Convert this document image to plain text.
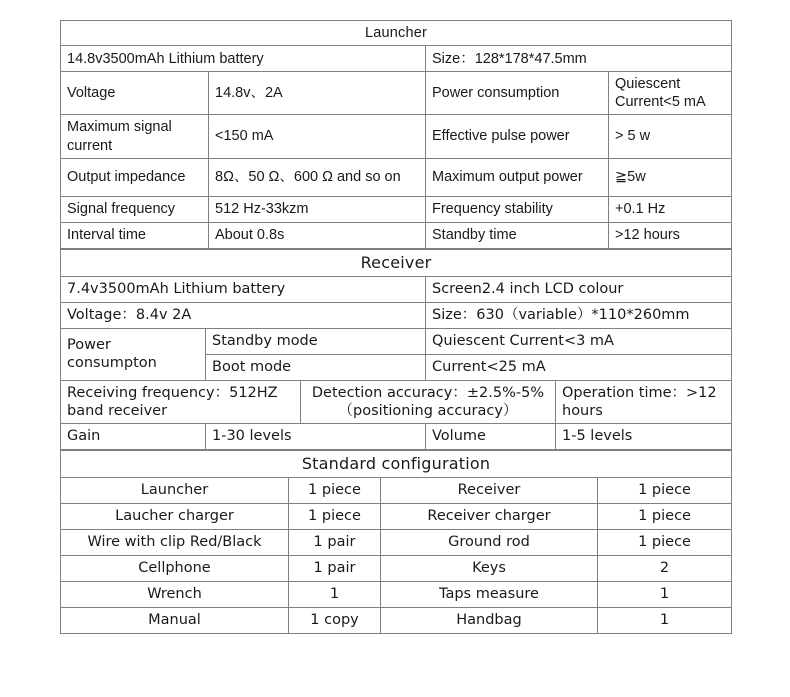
Launcher			
14.8v3500mAh Lithium battery		Size：128*178*47.5mm	
Voltage	14.8v、2A	Power consumption	Quiescent Current<5 mA
Maximum signal current	<150 mA	Effective pulse power	> 5 w
Output impedance	8Ω、50 Ω、600 Ω and so on	Maximum output power	≧5w
Signal frequency	512 Hz-33kzm	Frequency stability	+0.1 Hz
Interval time	About 0.8s	Standby time	>12 hours
Receiver				
7.4v3500mAh Lithium battery			Screen2.4 inch LCD colour	
Voltage：8.4v 2A			Size：630（variable）*110*260mm	
Power consumpton	Standby mode		Quiescent Current<3 mA	
	Boot mode		Current<25 mA	
Receiving frequency：512HZ band receiver		Detection accuracy：±2.5%-5%（positioning accuracy）		Operation time：>12 hours
Gain	1-30 levels		Volume	1-5 levels
Standard configuration			
Launcher	1 piece	Receiver	1 piece
Laucher charger	1 piece	Receiver charger	1 piece
Wire with clip Red/Black	1 pair	Ground rod	1 piece
Cellphone	1 pair	Keys	2
Wrench	1	Taps measure	1
Manual	1 copy	Handbag	1
